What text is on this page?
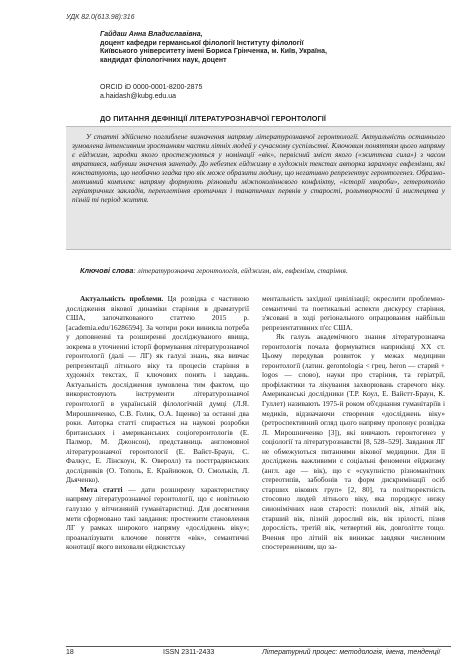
УДК 82.0(613.98):316
Гайдаш Анна Владиславівна,
доцент кафедри германської філології Інституту філології
Київського університету імені Бориса Грінченка, м. Київ, Україна,
кандидат філологічних наук, доцент
ORCID iD 0000-0001-8200-2875
a.haidash@kubg.edu.ua
ДО ПИТАННЯ ДЕФІНІЦІЇ ЛІТЕРАТУРОЗНАВЧОЇ ГЕРОНТОЛОГІЇ
У статті здійснено поглиблене визначення напряму літературознавчої геронтології. Актуальність останнього зумовлена інтенсивним зростанням частки літніх людей у сучасному суспільстві. Ключовим поняттям цього напряму є ейджизм, зародки якого простежуються у номінації «вік», первісний зміст якого («життєва сила») з часом втратився, набувши значення занепаду. До небезпек ейджизму в художніх текстах авторка зараховує евфемізми, які констатують, що необачно згадка про вік може образити людину, що негативно репрезентує геронтогенез. Образно-мотивний комплекс напряму формують різновиди міжпоколіннєвого конфлікту, «історії хвороби», гетеротопію геріатричних закладів, переплетіння еротичних і танатичних первнів у старості, рольтворчості й мистецтва у пізній ті період життя.
Ключові слова: літературознавча геронтологія, ейджизм, вік, евфемізм, старіння.

Актуальність проблеми. Ця розвідка є частиною дослідження вікової динаміки старіння в драматургії США, започаткованого статтею 2015 р. [academia.edu/16286594]. За чотири роки виникла потреба у доповненні та розширенні досліджуваного явища, зокрема в уточненні історії формування літературознавчої геронтології (далі — ЛГ) як галузі знань, яка вивчає репрезентації літнього віку та процесів старіння в художніх текстах, її ключових понять і завдань. Актуальність дослідження зумовлена тим фактом, що використовують інструменти літературознавчої геронтології в українській філологічній думці (Л.Я. Мирошниченко, С.В. Голик, О.А. Іщенко) за останні два роки. Авторка статті спирається на наукові розробки британських і американських соціогеронтологів (Е. Палмор, М. Джонсон), представниць англомовної літературознавчої геронтології (Е. Вайєт-Браун, С. Фалкус, Е. Лінскоун, К. Оверолл) та постградянських дослідників (О. Тополь, Е. Крайнюков, О. Смольків, Л. Дьяченко).

Мета статті — дати розширену характеристику напряму літературознавчої геронтології, що є новітньою галуззю у вітчизняній гуманітаристиці. Для досягнення мети сформовано такі завдання: простежити становлення ЛГ у рамках широкого напряму «досліджень віку»; проаналізувати ключове поняття «вік», семантичні конотації якого виховали ейджистську

ментальність західної цивілізації; окреслити проблемно-семантичні та поетикальні аспекти дискурсу старіння, з'ясовані в ході регіонального опрацювання найбільш репрезентативних п'єс США.

Як галузь академічного знання літературознавча геронтологія почала формуватися наприкінці XX ст. Цьому передував розвиток у межах медицини геронтології (латин. gerontologia < грец. heron — старий + logos — слово), науки про старіння, та геріатрії, профілактики та лікування захворювань старечого віку. Американські дослідники (Т.Р. Коул, Е. Вайєтт-Браун, К. Гуллет) називають 1975-й роком об'єднання гуманітаріїв і медиків, відзначаючи створення «досліджень віку» (ретроспективний огляд цього напряму пропонує розвідка Л. Мирошниченко [3]), які вивчають геронтогенез у соціології та літературознавстві [8, 528–529]. Завдання ЛГ не обмежуються питаннями вікової медицини. Для її досліджень важливими є соціальні феномени ейджизму (англ. age — вік), що є «сукупністю різноманітних стереотипів, забобонів та форм дискримінації осіб старших вікових груп» [2, 80], та політкоректність стосовно людей літнього віку, яка породжує низку синонімічних назв старості: похилий вік, літній вік, старший вік, пізній дорослий вік, вік зрілості, пізня дорослість, третій вік, четвертий вік, довголітте тощо. Вчення про літній вік виникає завдяки численним спостереженням, що за-

18	ISSN 2311-2433	Літературний процес: методологія, імена, тенденції
